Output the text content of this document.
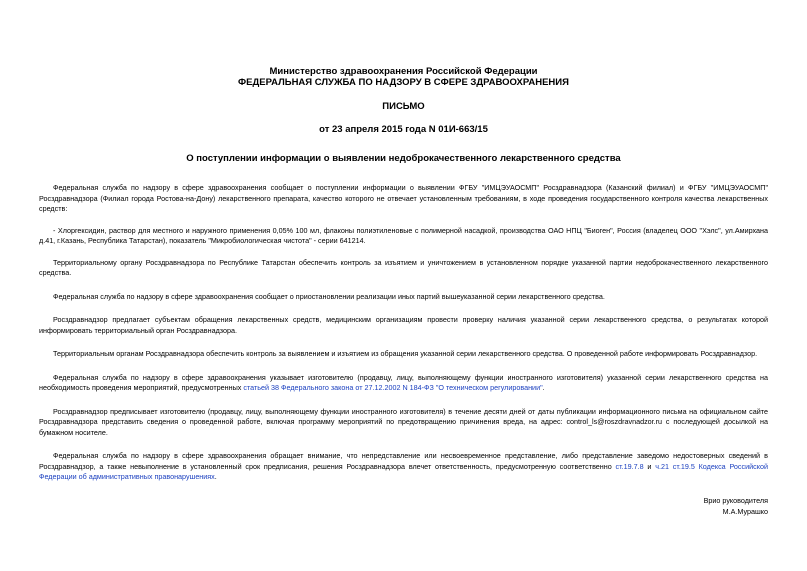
Министерство здравоохранения Российской Федерации
ФЕДЕРАЛЬНАЯ СЛУЖБА ПО НАДЗОРУ В СФЕРЕ ЗДРАВООХРАНЕНИЯ
ПИСЬМО
от 23 апреля 2015 года N 01И-663/15
О поступлении информации о выявлении недоброкачественного лекарственного средства

Федеральная служба по надзору в сфере здравоохранения сообщает о поступлении информации о выявлении ФГБУ "ИМЦЭУАОСМП" Росздравнадзора (Казанский филиал) и ФГБУ "ИМЦЭУАОСМП" Росздравнадзора (Филиал города Ростова-на-Дону) лекарственного препарата, качество которого не отвечает установленным требованиям, в ходе проведения государственного контроля качества лекарственных средств:

- Хлоргексидин, раствор для местного и наружного применения 0,05% 100 мл, флаконы полиэтиленовые с полимерной насадкой, производства ОАО НПЦ "Биоген", Россия (владелец ООО "Хэлс", ул.Амирхана д.41, г.Казань, Республика Татарстан), показатель "Микробиологическая чистота" - серии 641214.

Территориальному органу Росздравнадзора по Республике Татарстан обеспечить контроль за изъятием и уничтожением в установленном порядке указанной партии недоброкачественного лекарственного средства.

Федеральная служба по надзору в сфере здравоохранения сообщает о приостановлении реализации иных партий вышеуказанной серии лекарственного средства.

Росздравнадзор предлагает субъектам обращения лекарственных средств, медицинским организациям провести проверку наличия указанной серии лекарственного средства, о результатах которой информировать территориальный орган Росздравнадзора.

Территориальным органам Росздравнадзора обеспечить контроль за выявлением и изъятием из обращения указанной серии лекарственного средства. О проведенной работе информировать Росздравнадзор.

Федеральная служба по надзору в сфере здравоохранения указывает изготовителю (продавцу, лицу, выполняющему функции иностранного изготовителя) указанной серии лекарственного средства на необходимость проведения мероприятий, предусмотренных статьей 38 Федерального закона от 27.12.2002 N 184-ФЗ "О техническом регулировании".

Росздравнадзор предписывает изготовителю (продавцу, лицу, выполняющему функции иностранного изготовителя) в течение десяти дней от даты публикации информационного письма на официальном сайте Росздравнадзора представить сведения о проведенной работе, включая программу мероприятий по предотвращению причинения вреда, на адрес: control_ls@roszdravnadzor.ru с последующей досылкой на бумажном носителе.

Федеральная служба по надзору в сфере здравоохранения обращает внимание, что непредставление или несвоевременное представление, либо представление заведомо недостоверных сведений в Росздравнадзор, а также невыполнение в установленный срок предписания, решения Росздравнадзора влечет ответственность, предусмотренную соответственно ст.19.7.8 и ч.21 ст.19.5 Кодекса Российской Федерации об административных правонарушениях.

Врио руководителя
М.А.Мурашко
